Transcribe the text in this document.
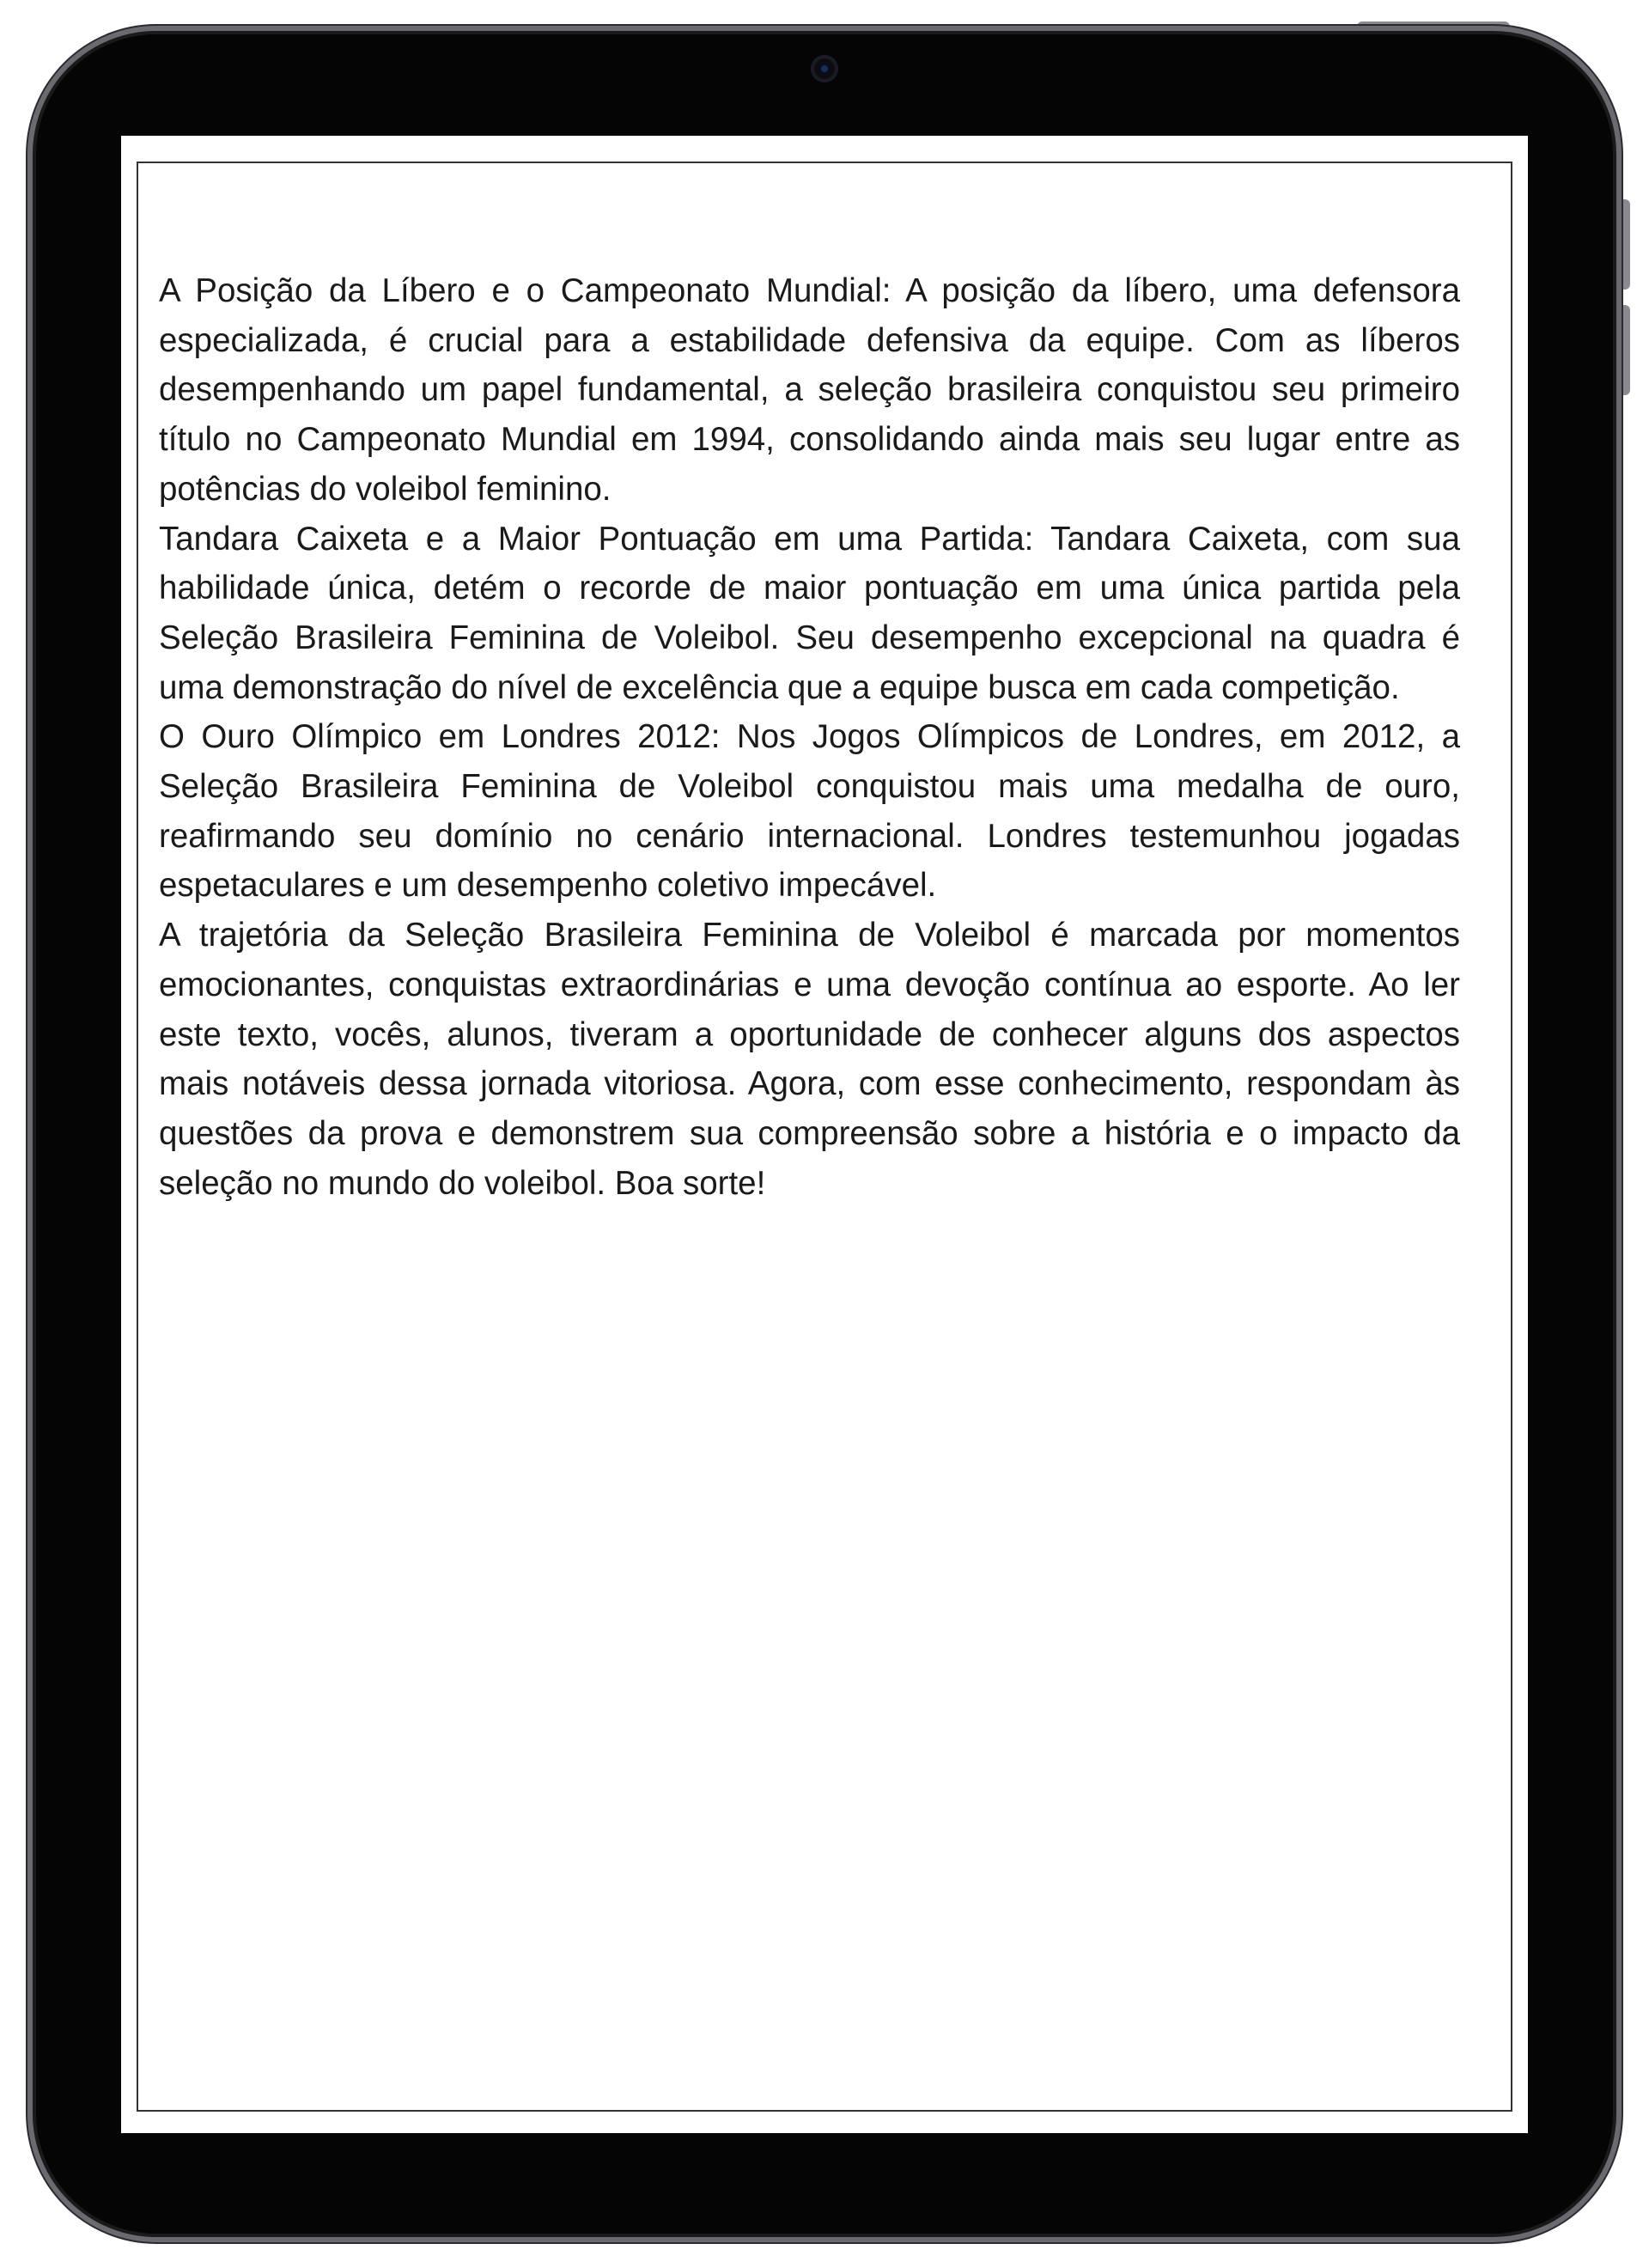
A Posição da Líbero e o Campeonato Mundial: A posição da líbero, uma defensora especializada, é crucial para a estabilidade defensiva da equipe. Com as líberos desempenhando um papel fundamental, a seleção brasileira conquistou seu primeiro título no Campeonato Mundial em 1994, consolidando ainda mais seu lugar entre as potências do voleibol feminino.

Tandara Caixeta e a Maior Pontuação em uma Partida: Tandara Caixeta, com sua habilidade única, detém o recorde de maior pontuação em uma única partida pela Seleção Brasileira Feminina de Voleibol. Seu desempenho excepcional na quadra é uma demonstração do nível de excelência que a equipe busca em cada competição.

O Ouro Olímpico em Londres 2012: Nos Jogos Olímpicos de Londres, em 2012, a Seleção Brasileira Feminina de Voleibol conquistou mais uma medalha de ouro, reafirmando seu domínio no cenário internacional. Londres testemunhou jogadas espetaculares e um desempenho coletivo impecável.

A trajetória da Seleção Brasileira Feminina de Voleibol é marcada por momentos emocionantes, conquistas extraordinárias e uma devoção contínua ao esporte. Ao ler este texto, vocês, alunos, tiveram a oportunidade de conhecer alguns dos aspectos mais notáveis dessa jornada vitoriosa. Agora, com esse conhecimento, respondam às questões da prova e demonstrem sua compreensão sobre a história e o impacto da seleção no mundo do voleibol. Boa sorte!
